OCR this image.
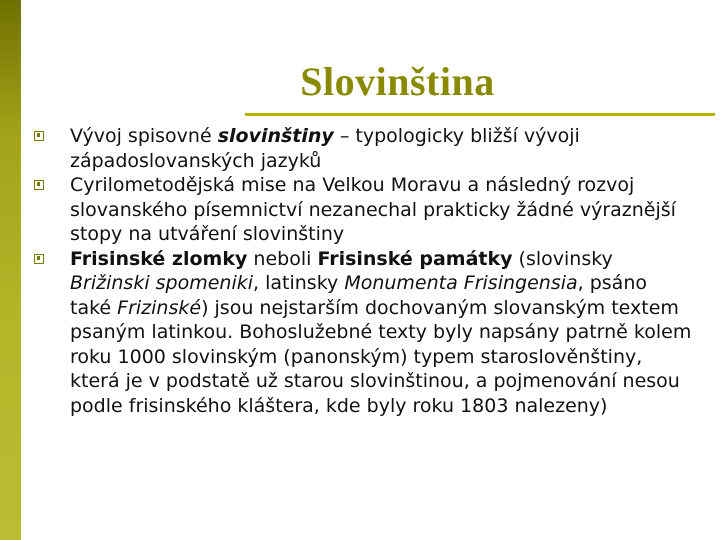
Slovinština
Vývoj spisovné slovinštiny – typologicky bližší vývoji západoslovanských jazyků
Cyrilometodějská mise na Velkou Moravu a následný rozvoj slovanského písemnictví nezanechal prakticky žádné výraznější stopy na utváření slovinštiny
Frisinské zlomky neboli Frisinské památky (slovinsky Brižinski spomeniki, latinsky Monumenta Frisingensia, psáno také Frizinské) jsou nejstarším dochovaným slovanským textem psaným latinkou. Bohoslužebné texty byly napsány patrně kolem roku 1000 slovinským (panonským) typem staroslověnštiny, která je v podstatě už starou slovinštinou, a pojmenování nesou podle frisinského kláštera, kde byly roku 1803 nalezeny)
